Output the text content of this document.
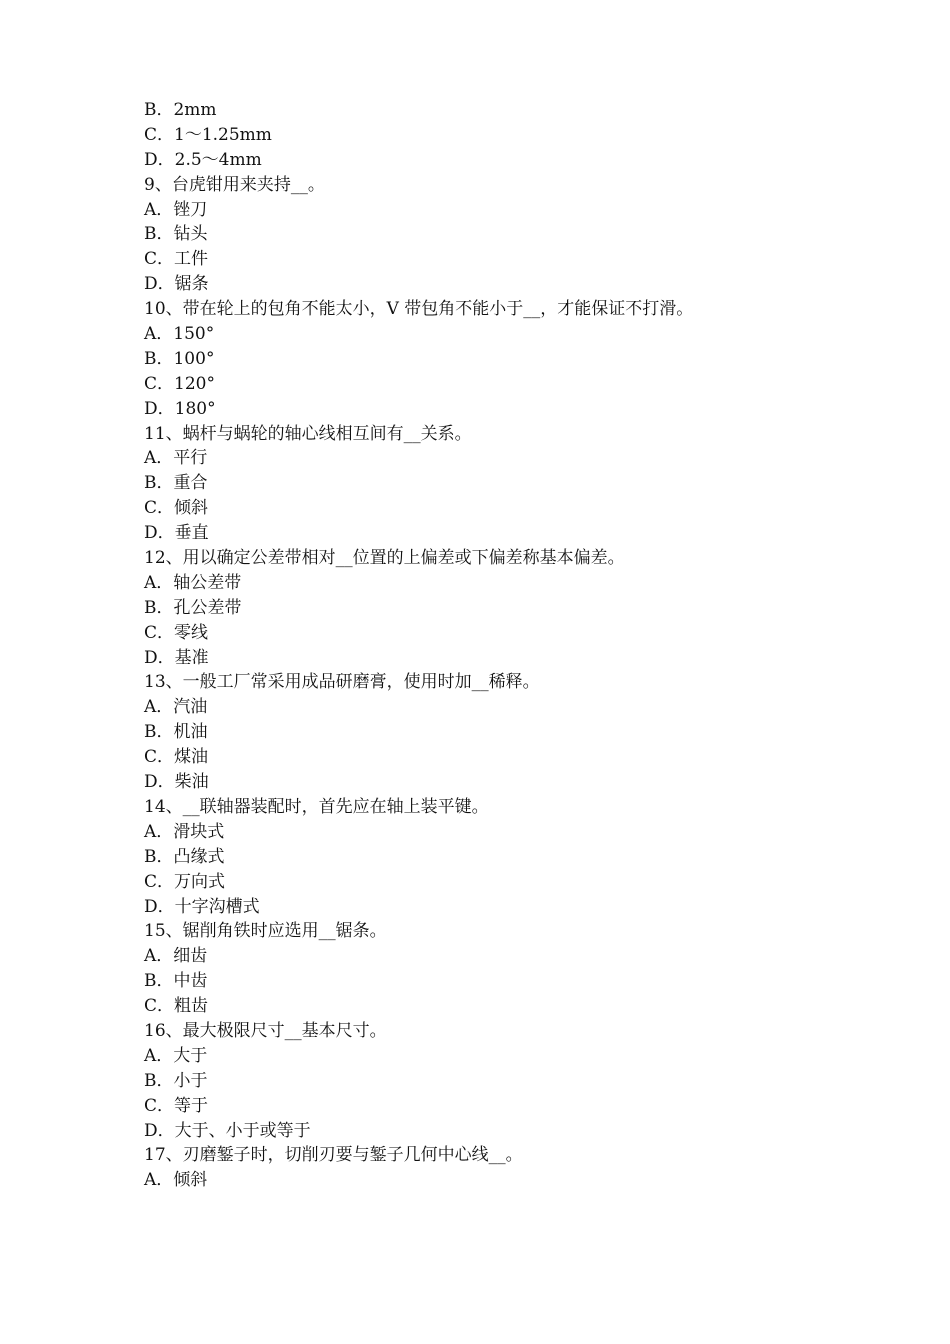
B．2mm
C．1～1.25mm
D．2.5～4mm
9、台虎钳用来夹持__。
A．锉刀
B．钻头
C．工件
D．锯条
10、带在轮上的包角不能太小，V 带包角不能小于__，才能保证不打滑。
A．150°
B．100°
C．120°
D．180°
11、蜗杆与蜗轮的轴心线相互间有__关系。
A．平行
B．重合
C．倾斜
D．垂直
12、用以确定公差带相对__位置的上偏差或下偏差称基本偏差。
A．轴公差带
B．孔公差带
C．零线
D．基准
13、一般工厂常采用成品研磨膏，使用时加__稀释。
A．汽油
B．机油
C．煤油
D．柴油
14、__联轴器装配时，首先应在轴上装平键。
A．滑块式
B．凸缘式
C．万向式
D．十字沟槽式
15、锯削角铁时应选用__锯条。
A．细齿
B．中齿
C．粗齿
16、最大极限尺寸__基本尺寸。
A．大于
B．小于
C．等于
D．大于、小于或等于
17、刃磨錾子时，切削刃要与錾子几何中心线__。
A．倾斜
